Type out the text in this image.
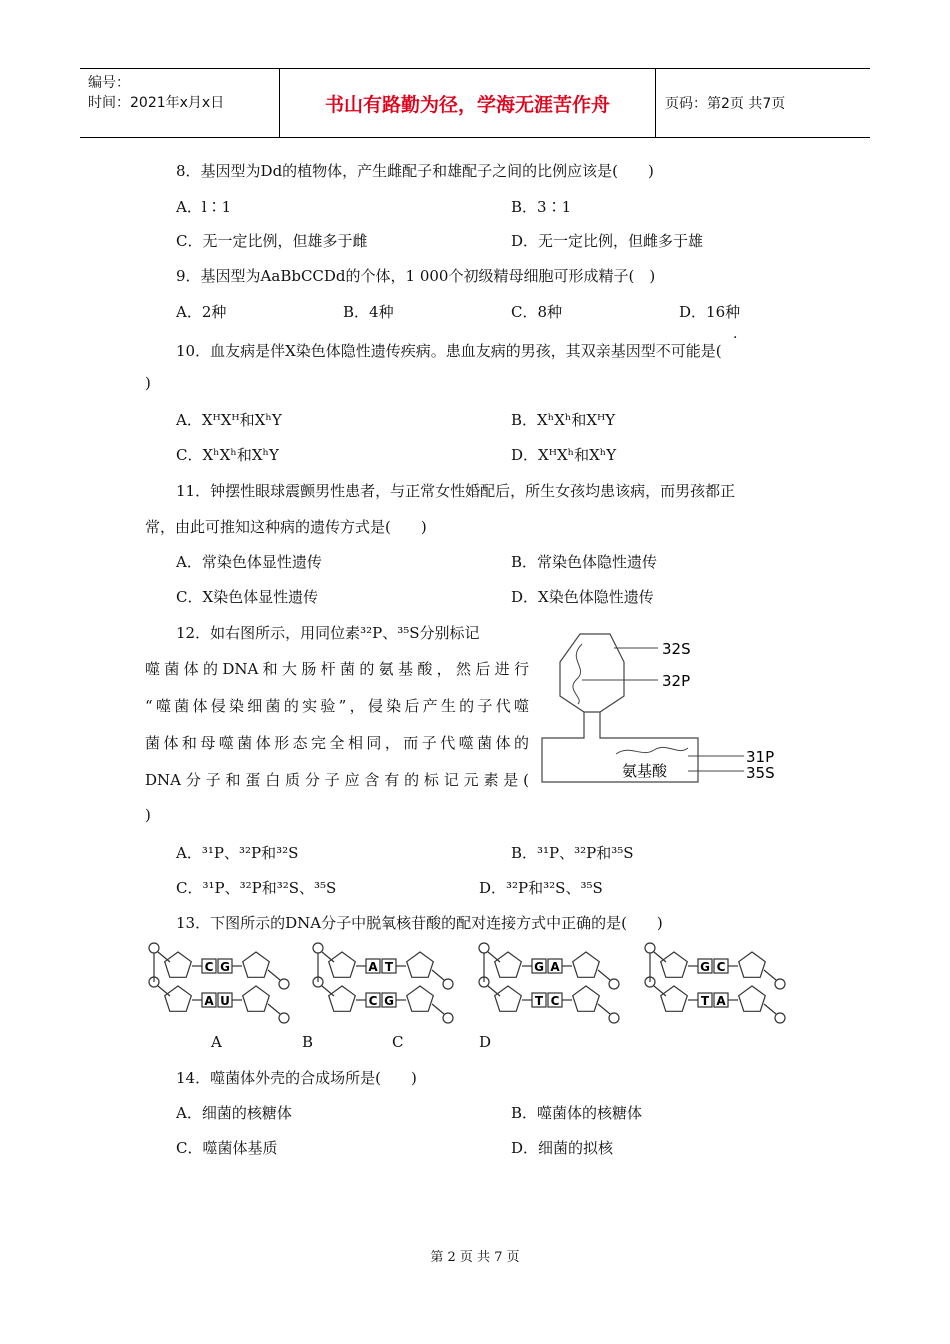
编号：
时间：2021年x月x日	书山有路勤为径，学海无涯苦作舟	页码：第2页 共7页
8．基因型为Dd的植物体，产生雌配子和雄配子之间的比例应该是(　　)
A．l∶1	B．3∶1
C．无一定比例，但雄多于雌	D．无一定比例，但雌多于雄
9．基因型为AaBbCCDd的个体，1 000个初级精母细胞可形成精子(　)
A．2种	B．4种	C．8种	D．16种
·
10．血友病是伴X染色体隐性遗传疾病。患血友病的男孩，其双亲基因型不可能是(
)
A．XᴴXᴴ和XʰY	B．XʰXʰ和XᴴY
C．XʰXʰ和XʰY	D．XᴴXʰ和XʰY
11．钟摆性眼球震颤男性患者，与正常女性婚配后，所生女孩均患该病，而男孩都正
常，由此可推知这种病的遗传方式是(　　)
A．常染色体显性遗传	B．常染色体隐性遗传
C．X染色体显性遗传	D．X染色体隐性遗传
12．如右图所示，用同位素³²P、³⁵S分别标记
噬菌体的DNA和大肠杆菌的氨基酸，然后进行
“噬菌体侵染细菌的实验”，侵染后产生的子代噬
菌体和母噬菌体形态完全相同，而子代噬菌体的
DNA分子和蛋白质分子应含有的标记元素是(
)
A．³¹P、³²P和³²S	B．³¹P、³²P和³⁵S
C．³¹P、³²P和³²S、³⁵S	D．³²P和³²S、³⁵S
32S
32P
31P
35S
氨基酸
13．下图所示的DNA分子中脱氧核苷酸的配对连接方式中正确的是(　　)
C G
A U
A T
C G
G A
T C
G C
T A
A	B	C	D
14．噬菌体外壳的合成场所是(　　)
A．细菌的核糖体	B．噬菌体的核糖体
C．噬菌体基质	D．细菌的拟核
第 2 页 共 7 页
